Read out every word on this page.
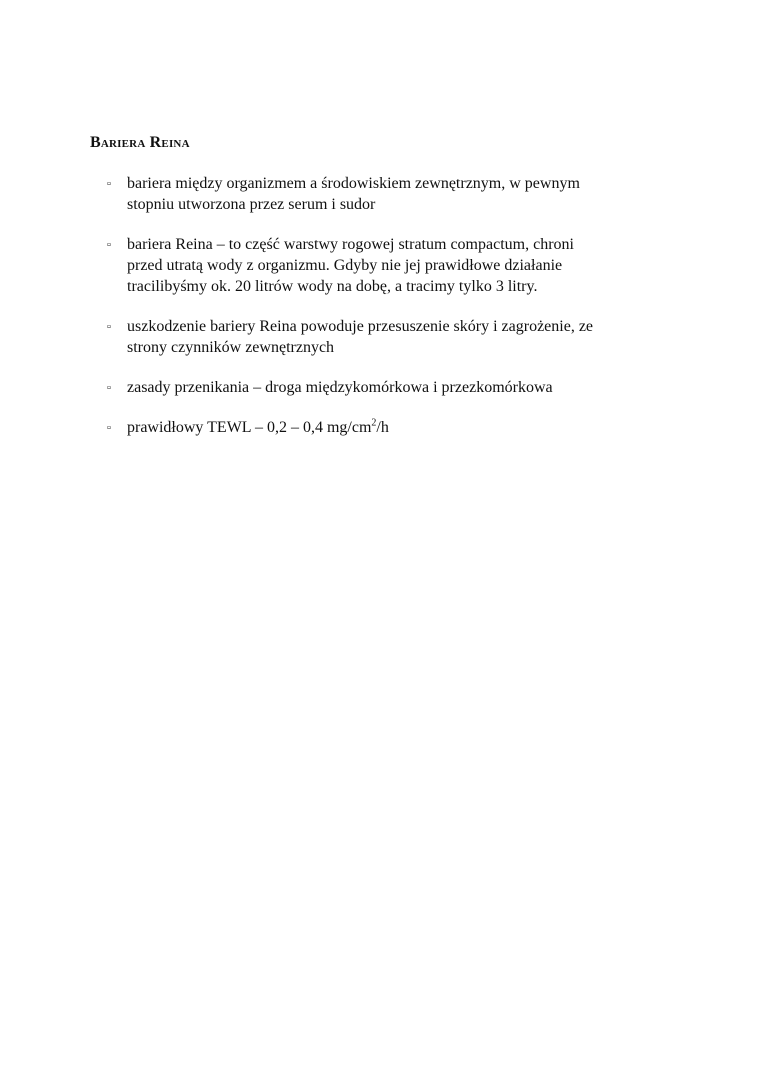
Bariera Reina
▫ bariera między organizmem a środowiskiem zewnętrznym, w pewnym
stopniu utworzona przez serum i sudor
▫ bariera Reina – to część warstwy rogowej stratum compactum, chroni
przed utratą wody z organizmu. Gdyby nie jej prawidłowe działanie
tracilibyśmy ok. 20 litrów wody na dobę, a tracimy tylko 3 litry.
▫ uszkodzenie bariery Reina powoduje przesuszenie skóry i zagrożenie, ze
strony czynników zewnętrznych
▫ zasady przenikania – droga międzykomórkowa i przezkomórkowa
▫ prawidłowy TEWL – 0,2 – 0,4 $mg/cm^2/h$
